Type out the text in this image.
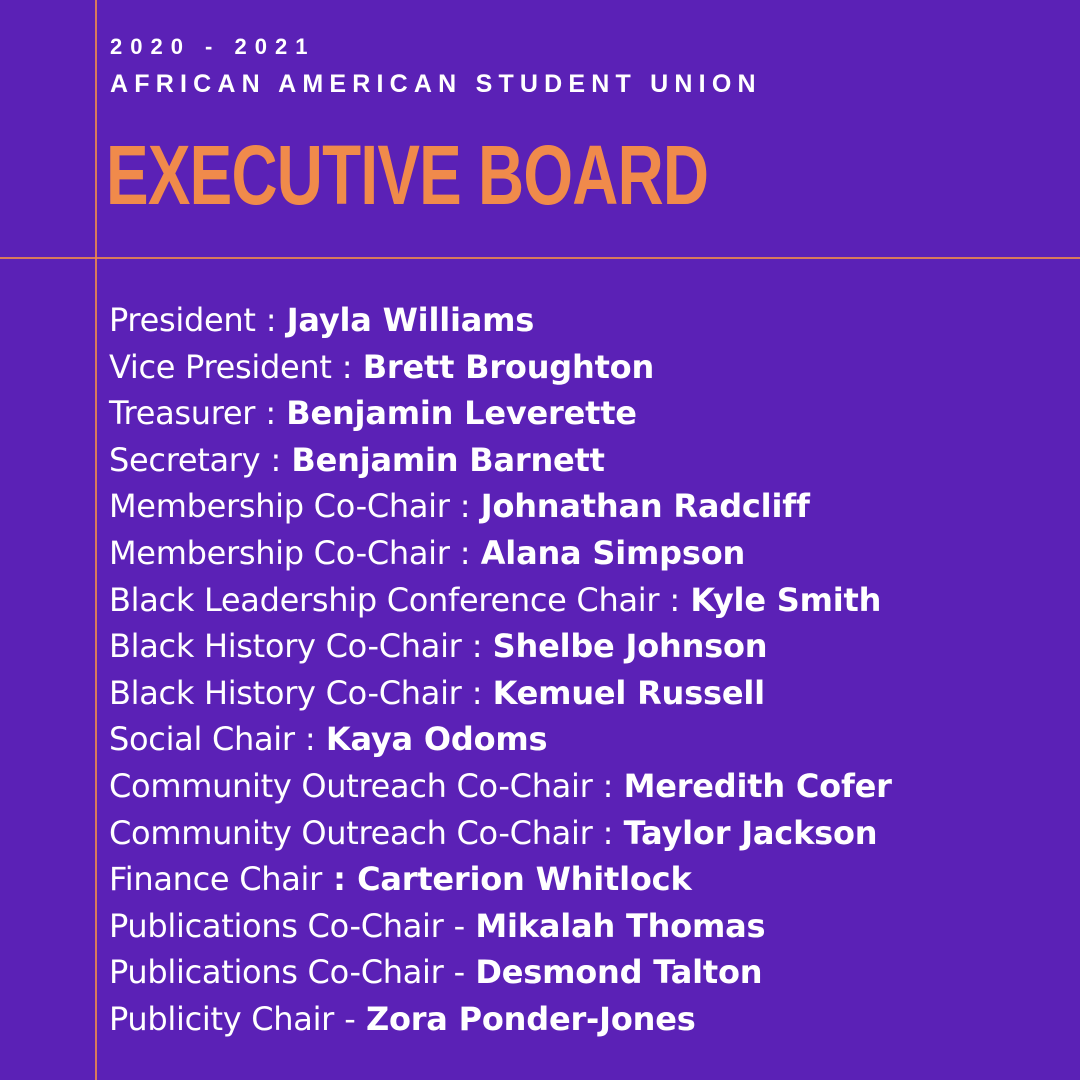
2020 - 2021
AFRICAN AMERICAN STUDENT UNION
EXECUTIVE BOARD
President : Jayla Williams
Vice President : Brett Broughton
Treasurer : Benjamin Leverette
Secretary : Benjamin Barnett
Membership Co-Chair : Johnathan Radcliff
Membership Co-Chair : Alana Simpson
Black Leadership Conference Chair : Kyle Smith
Black History Co-Chair : Shelbe Johnson
Black History Co-Chair : Kemuel Russell
Social Chair : Kaya Odoms
Community Outreach Co-Chair : Meredith Cofer
Community Outreach Co-Chair : Taylor Jackson
Finance Chair : Carterion Whitlock
Publications Co-Chair - Mikalah Thomas
Publications Co-Chair - Desmond Talton
Publicity Chair - Zora Ponder-Jones
